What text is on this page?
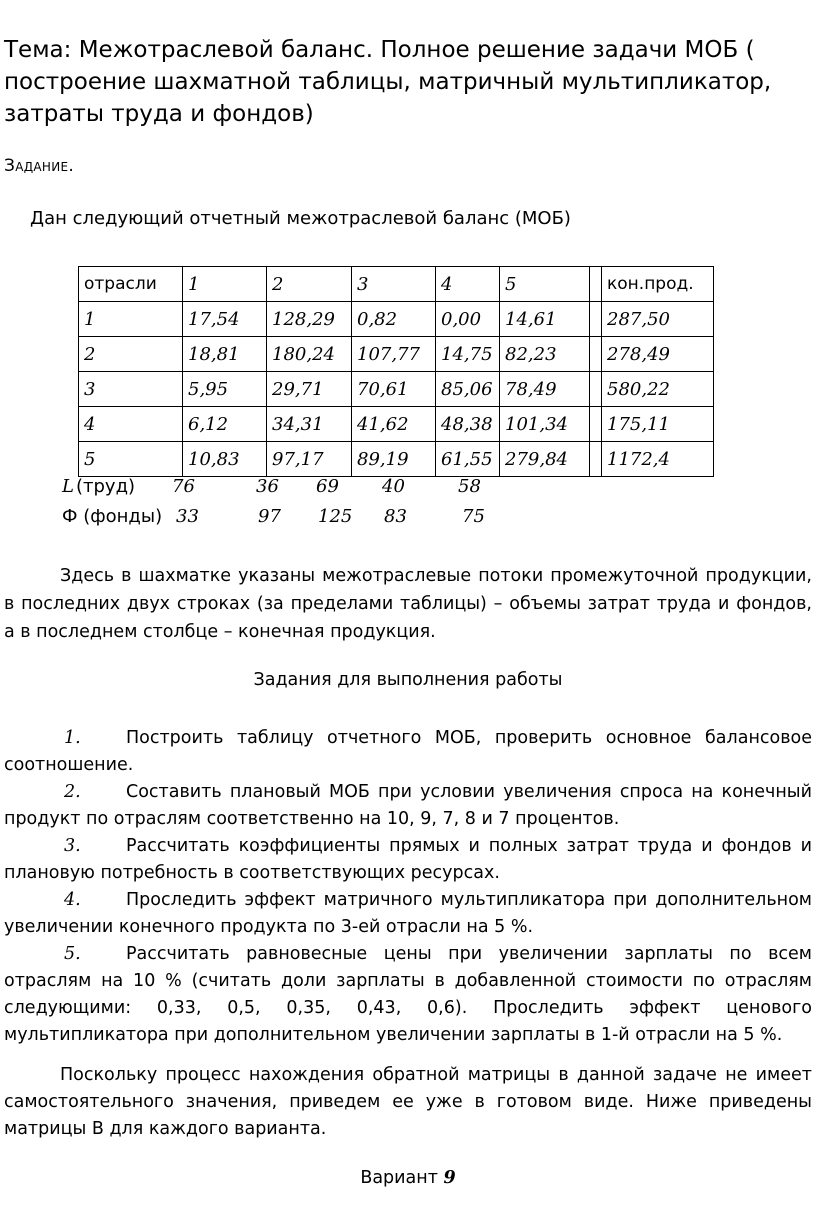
Тема: Межотраслевой баланс. Полное решение задачи МОБ ( построение шахматной таблицы, матричный мультипликатор, затраты труда и фондов)
Задание.
Дан следующий отчетный межотраслевой баланс (МОБ)
отрасли	1	2	3	4	5		кон.прод.
1	17,54	128,29	0,82	0,00	14,61		287,50
2	18,81	180,24	107,77	14,75	82,23		278,49
3	5,95	29,71	70,61	85,06	78,49		580,22
4	6,12	34,31	41,62	48,38	101,34		175,11
5	10,83	97,17	89,19	61,55	279,84		1172,4
L (труд) 76	36 69 40	58
Ф (фонды) 33	97 125 83	75
Здесь в шахматке указаны межотраслевые потоки промежуточной продукции, в последних двух строках (за пределами таблицы) – объемы затрат труда и фондов, а в последнем столбце – конечная продукция.
Задания для выполнения работы
1.	Построить таблицу отчетного МОБ, проверить основное балансовое соотношение.
2.	Составить плановый МОБ при условии увеличения спроса на конечный продукт по отраслям соответственно на 10, 9, 7, 8 и 7 процентов.
3.	Рассчитать коэффициенты прямых и полных затрат труда и фондов и плановую потребность в соответствующих ресурсах.
4.	Проследить эффект матричного мультипликатора при дополнительном увеличении конечного продукта по 3-ей отрасли на 5 %.
5.	Рассчитать равновесные цены при увеличении зарплаты по всем отраслям на 10 % (считать доли зарплаты в добавленной стоимости по отраслям следующими: 0,33, 0,5, 0,35, 0,43, 0,6). Проследить эффект ценового мультипликатора при дополнительном увеличении зарплаты в 1-й отрасли на 5 %.
Поскольку процесс нахождения обратной матрицы в данной задаче не имеет самостоятельного значения, приведем ее уже в готовом виде. Ниже приведены матрицы В для каждого варианта.
Вариант 9
